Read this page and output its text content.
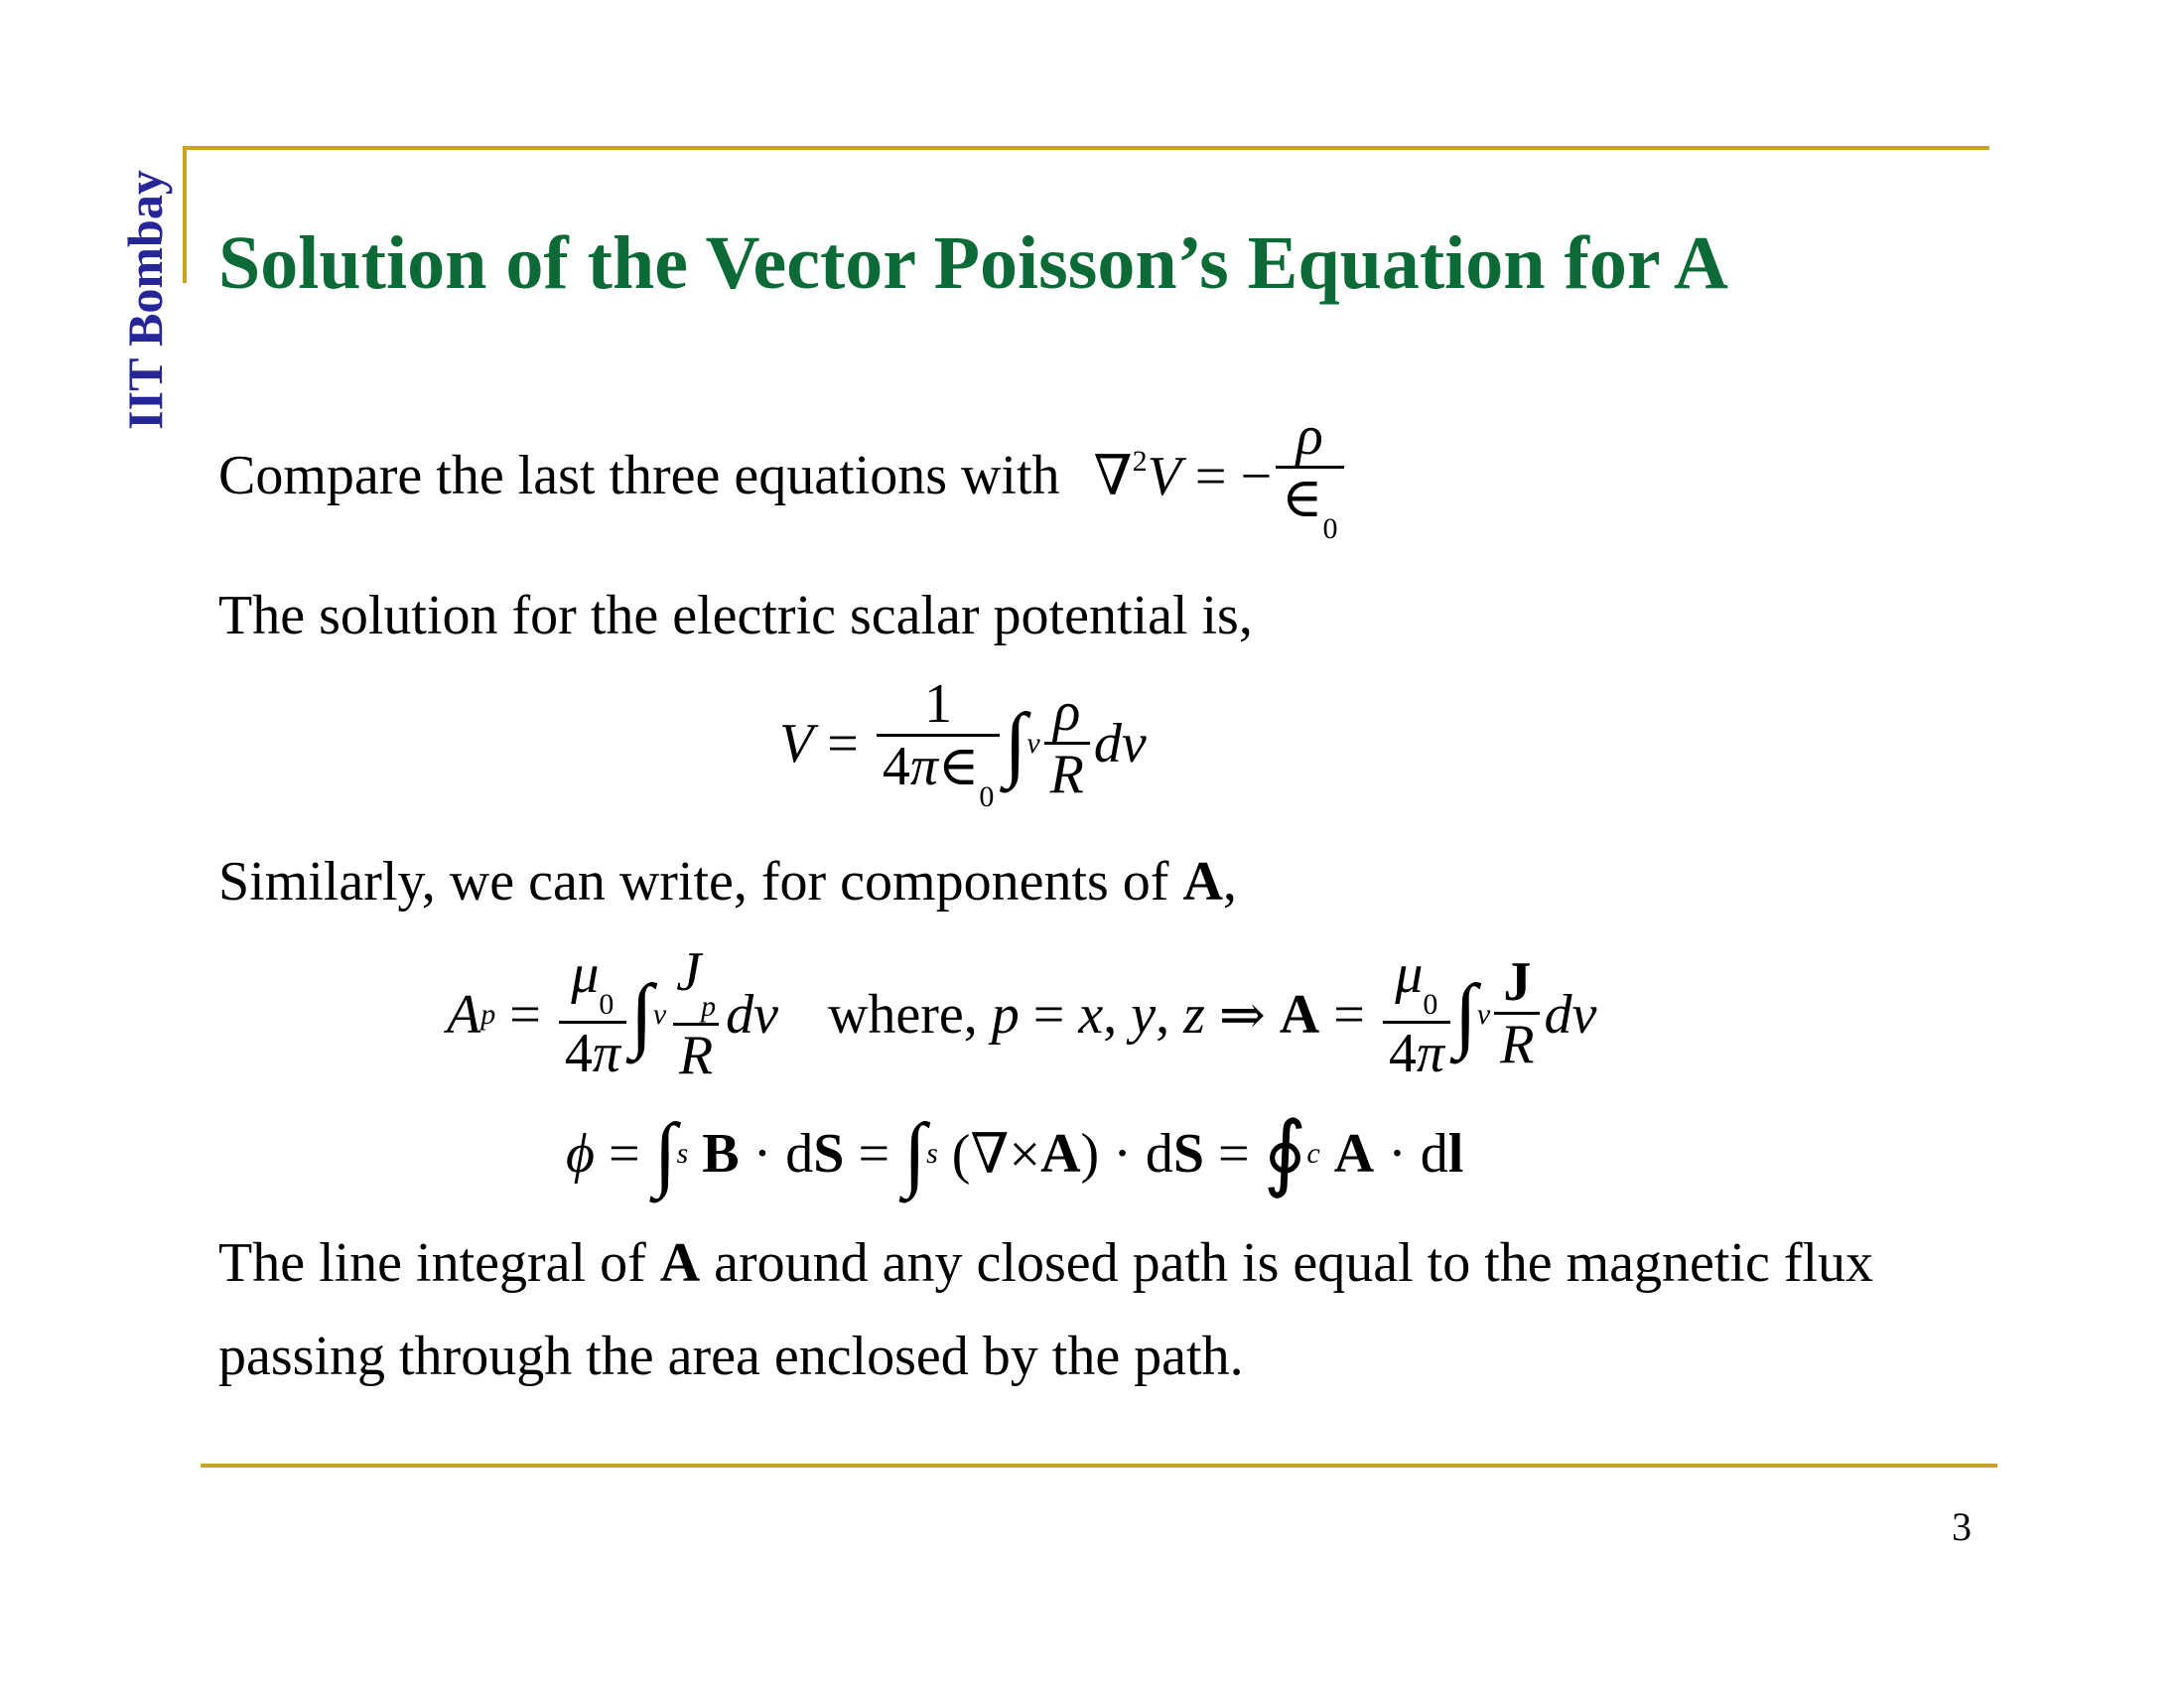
IIT Bombay Solution of the Vector Poisson’s Equation for A
Compare the last three equations with ∇$^2$V = − $\frac{\rho}{\in_0}$
The solution for the electric scalar potential is,
$V = \frac{1}{4\pi\in_0}$ ∫ v $\frac{\rho}{R}$ dv
Similarly, we can write, for components of A,
A $p = \frac{\mu_0}{4\pi}$ ∫ v $\frac{J_p}{R}$ dv where,
p = x , y , z ⇒ $A = \frac{\mu_0}{4\pi}$ ∫ v $\frac{J}{R}$ dv
ϕ = ∫ s
B · d S = ∫ s (∇× A ) · d S = ∮ c
A · d l
The line integral of A around any closed path is equal to the magnetic flux
passing through the area enclosed by the path.
3
